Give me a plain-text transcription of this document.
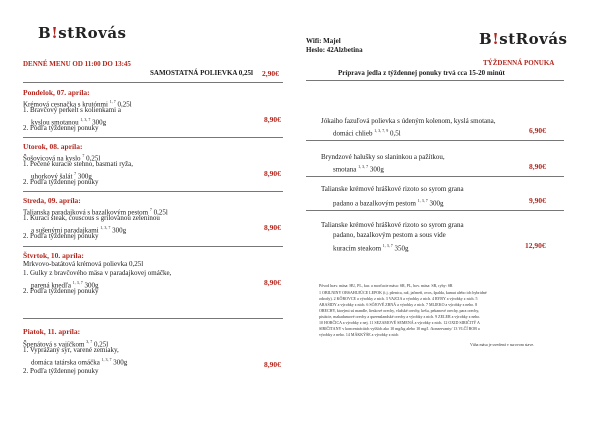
B!stRovás
DENNÉ MENU OD 11:00 DO 13:45
SAMOSTATNÁ POLIEVKA 0,25l 2,90€
Pondelok, 07. apríla:
Krémová cesnačka s krutónmi $^{1, 7}$ 0,25l
1. Bravčový perkelt s kolienkami a
kyslou smotanou $^{1, 3, 7}$ 300g	8,90€
2. Podľa týždennej ponuky
Utorok, 08. apríla:
Šošovicová na kyslo $^7$ 0,25l
1. Pečené kuracie stehno, basmati ryža,
uhorkový šalát $^7$ 300g	8,90€
2. Podľa týždennej ponuky
Streda, 09. apríla:
Talianska paradajková s bazalkovým pestom $^7$ 0,25l
1. Kurací steak, couscous s grilovanou zeleninou
a sušenými paradajkami $^{1, 3, 7}$ 300g	8,90€
2. Podľa týždennej ponuky
Štvrtok, 10. apríla:
Mrkvovo-batátová krémová polievka 0,25l
1. Gulky z bravčového mäsa v paradajkovej omáčke,
parená knedľa $^{1, 3, 7}$ 300g	8,90€
2. Podľa týždennej ponuky
Piatok, 11. apríla:
Špenátová s vajíčkom $^{3, 7}$ 0,25l
1. Vyprážaný syr, varené zemiaky,
domáca tatárska omáčka $^{1, 3, 7}$ 300g	8,90€
2. Podľa týždennej ponuky
Wifi: Majel
Heslo: 42Alzbetina
B!stRovás
TÝŽDENNÁ PONUKA
Príprava jedla z týždennej ponuky trvá cca 15-20 minút
Jókaiho fazuľová polievka s údeným kolenom, kyslá smotana,
domáci chlieb $^{1, 3, 7, 9}$ 0,5l	6,90€
Bryndzové halušky so slaninkou a pažítkou,
smotana $^{1, 3, 7}$ 300g	8,90€
Talianske krémové hráškové rizoto so syrom grana
padano a bazalkovým pestom $^{1, 3, 7}$ 300g	9,90€
Talianske krémové hráškové rizoto so syrom grana
padano, bazalkovým pestom a sous vide
kuracím steakom $^{1, 3, 7}$ 350g	12,90€
Pôvod hrav. mäsa: HU, PL, kur. a morčacie mäsa: SR, PL, hov. mäsa: SR, ryby: SR
1 OBILNINY OBSAHUJÚCE LEPOK (t.j. pšenica, raž, jačmeň, ovos, špalda, kamut alebo ich hybridné
odrody). 2 KÔROVCE a výrobky z nich. 3 VAJCIA a výrobky z nich. 4 RYBY a výrobky z nich. 5
ARAŠIDY a výrobky z nich. 6 SÓJOVÉ ZRNÁ a výrobky z nich. 7 MLIEKO a výrobky z neho. 8
ORECHY, ktorými sú mandle, lieskové orechy, vlašské orechy, kešu, pekanové orechy, para orechy,
pistácie, makadamové orechy a queenslandské orechy a výrobky z nich. 9 ZELER a výrobky z neho.
10 HORČICA a výrobky z nej. 11 SEZAMOVÉ SEMENÁ a výrobky z nich. 12 OXID SIRIČITÝ A
SIRIČITANY v koncentráciách vyšších ako 10 mg/kg alebo 10 mg/l. /konzervanty/ 13 VLČÍ BOB a
výrobky z neho. 14 MÄKKÝŠE a výrobky z nich
Váha mäsa je uvedená v surovom stave.
